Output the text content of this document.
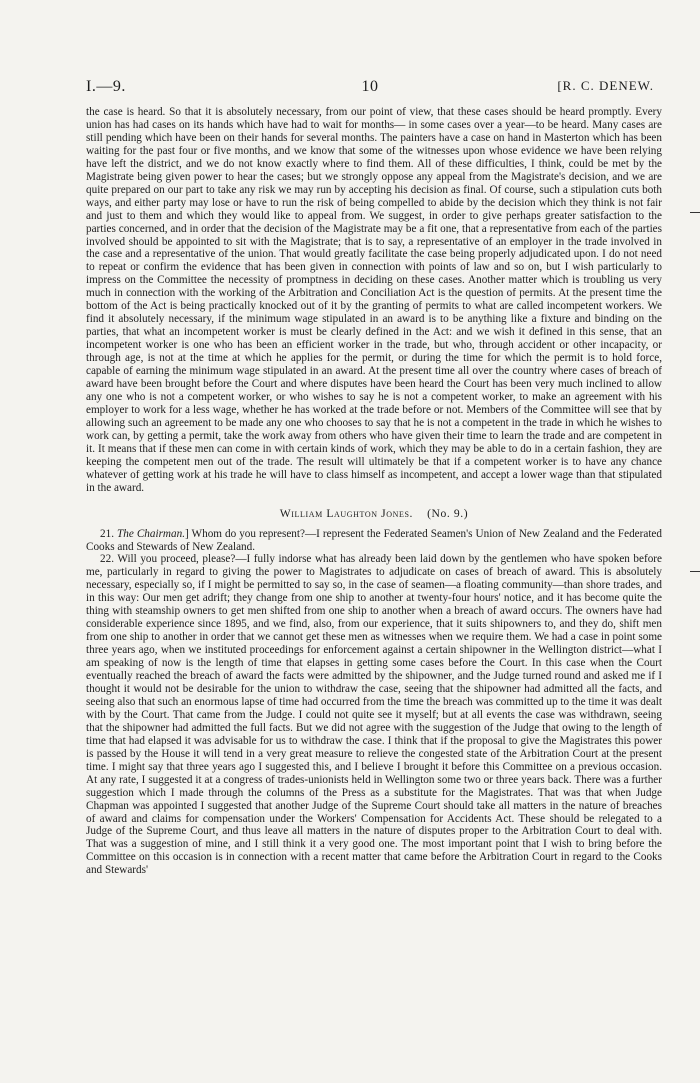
I.—9.	10	[R. C. DENEW.

the case is heard. So that it is absolutely necessary, from our point of view, that these cases should be heard promptly. Every union has had cases on its hands which have had to wait for months— in some cases over a year—to be heard. Many cases are still pending which have been on their hands for several months. The painters have a case on hand in Masterton which has been waiting for the past four or five months, and we know that some of the witnesses upon whose evidence we have been relying have left the district, and we do not know exactly where to find them. All of these difficulties, I think, could be met by the Magistrate being given power to hear the cases; but we strongly oppose any appeal from the Magistrate's decision, and we are quite prepared on our part to take any risk we may run by accepting his decision as final. Of course, such a stipulation cuts both ways, and either party may lose or have to run the risk of being compelled to abide by the decision which they think is not fair and just to them and which they would like to appeal from. We suggest, in order to give perhaps greater satisfaction to the parties concerned, and in order that the decision of the Magistrate may be a fit one, that a representative from each of the parties involved should be appointed to sit with the Magistrate; that is to say, a representative of an employer in the trade involved in the case and a representative of the union. That would greatly facilitate the case being properly adjudicated upon. I do not need to repeat or confirm the evidence that has been given in connection with points of law and so on, but I wish particularly to impress on the Committee the necessity of promptness in deciding on these cases. Another matter which is troubling us very much in connection with the working of the Arbitration and Conciliation Act is the question of permits. At the present time the bottom of the Act is being practically knocked out of it by the granting of permits to what are called incompetent workers. We find it absolutely necessary, if the minimum wage stipulated in an award is to be anything like a fixture and binding on the parties, that what an incompetent worker is must be clearly defined in the Act: and we wish it defined in this sense, that an incompetent worker is one who has been an efficient worker in the trade, but who, through accident or other incapacity, or through age, is not at the time at which he applies for the permit, or during the time for which the permit is to hold force, capable of earning the minimum wage stipulated in an award. At the present time all over the country where cases of breach of award have been brought before the Court and where disputes have been heard the Court has been very much inclined to allow any one who is not a competent worker, or who wishes to say he is not a competent worker, to make an agreement with his employer to work for a less wage, whether he has worked at the trade before or not. Members of the Committee will see that by allowing such an agreement to be made any one who chooses to say that he is not a competent in the trade in which he wishes to work can, by getting a permit, take the work away from others who have given their time to learn the trade and are competent in it. It means that if these men can come in with certain kinds of work, which they may be able to do in a certain fashion, they are keeping the competent men out of the trade. The result will ultimately be that if a competent worker is to have any chance whatever of getting work at his trade he will have to class himself as incompetent, and accept a lower wage than that stipulated in the award.

William Laughton Jones. (No. 9.)

21. The Chairman.] Whom do you represent?—I represent the Federated Seamen's Union of New Zealand and the Federated Cooks and Stewards of New Zealand.

22. Will you proceed, please?—I fully indorse what has already been laid down by the gentlemen who have spoken before me, particularly in regard to giving the power to Magistrates to adjudicate on cases of breach of award. This is absolutely necessary, especially so, if I might be permitted to say so, in the case of seamen—a floating community—than shore trades, and in this way: Our men get adrift; they change from one ship to another at twenty-four hours' notice, and it has become quite the thing with steamship owners to get men shifted from one ship to another when a breach of award occurs. The owners have had considerable experience since 1895, and we find, also, from our experience, that it suits shipowners to, and they do, shift men from one ship to another in order that we cannot get these men as witnesses when we require them. We had a case in point some three years ago, when we instituted proceedings for enforcement against a certain shipowner in the Wellington district—what I am speaking of now is the length of time that elapses in getting some cases before the Court. In this case when the Court eventually reached the breach of award the facts were admitted by the shipowner, and the Judge turned round and asked me if I thought it would not be desirable for the union to withdraw the case, seeing that the shipowner had admitted all the facts, and seeing also that such an enormous lapse of time had occurred from the time the breach was committed up to the time it was dealt with by the Court. That came from the Judge. I could not quite see it myself; but at all events the case was withdrawn, seeing that the shipowner had admitted the full facts. But we did not agree with the suggestion of the Judge that owing to the length of time that had elapsed it was advisable for us to withdraw the case. I think that if the proposal to give the Magistrates this power is passed by the House it will tend in a very great measure to relieve the congested state of the Arbitration Court at the present time. I might say that three years ago I suggested this, and I believe I brought it before this Committee on a previous occasion. At any rate, I suggested it at a congress of trades-unionists held in Wellington some two or three years back. There was a further suggestion which I made through the columns of the Press as a substitute for the Magistrates. That was that when Judge Chapman was appointed I suggested that another Judge of the Supreme Court should take all matters in the nature of breaches of award and claims for compensation under the Workers' Compensation for Accidents Act. These should be relegated to a Judge of the Supreme Court, and thus leave all matters in the nature of disputes proper to the Arbitration Court to deal with. That was a suggestion of mine, and I still think it a very good one. The most important point that I wish to bring before the Committee on this occasion is in connection with a recent matter that came before the Arbitration Court in regard to the Cooks and Stewards'
